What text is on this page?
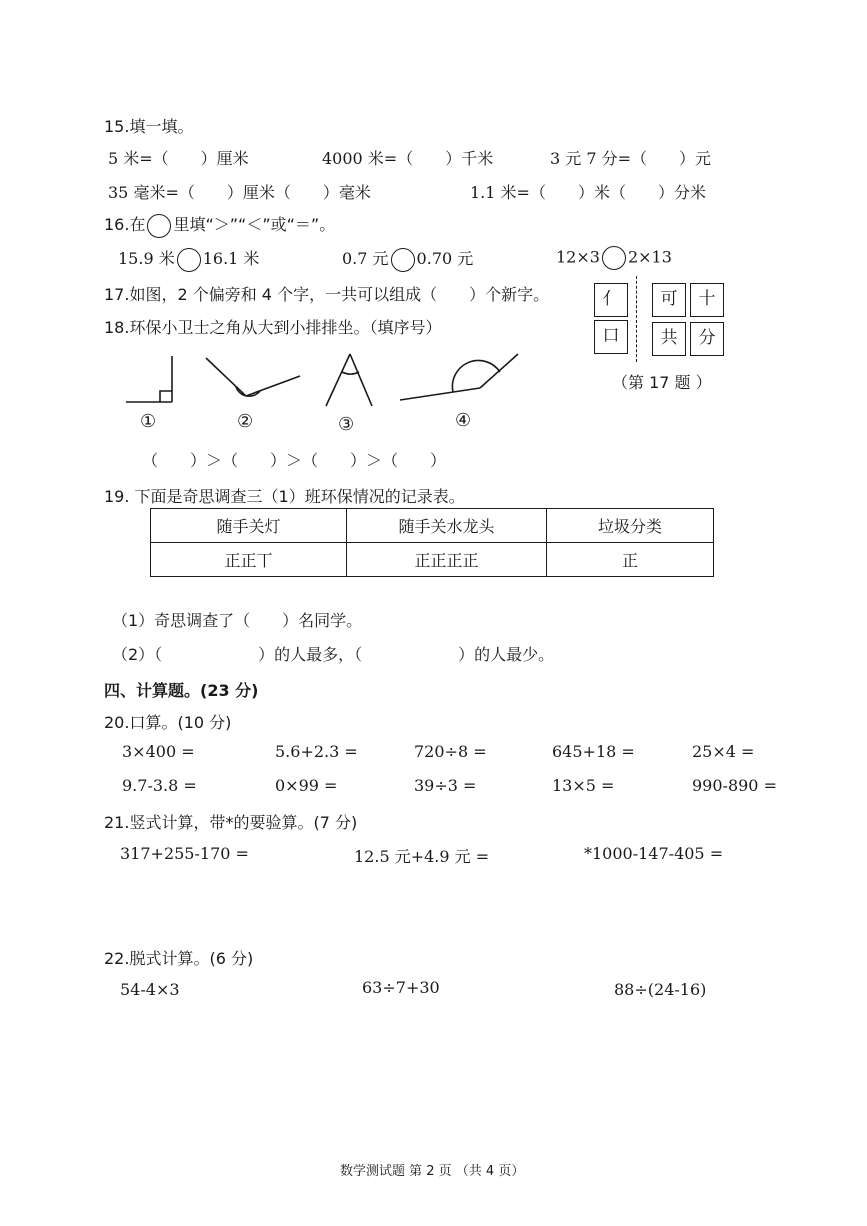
15.填一填。
5 米=（　　）厘米	4000 米=（　　）千米	3 元 7 分=（　　）元
35 毫米=（　　）厘米（　　）毫米	1.1 米=（　　）米（　　）分米
16.在 里填“＞”“＜”或“＝”。
15.9 米 16.1 米	0.7 元 0.70 元	12×3 2×13
17.如图，2 个偏旁和 4 个字，一共可以组成（　　）个新字。	亻
口
可	十
共	分
（第 17 题 ）
18.环保小卫士之角从大到小排排坐。（填序号）
①	②	③	④
（　　）＞（　　）＞（　　）＞（　　）
19. 下面是奇思调查三（1）班环保情况的记录表。
随手关灯	随手关水龙头	垃圾分类
正正丅	正正正正	正
（1）奇思调查了（　　）名同学。
（2）（　　　　　　）的人最多，（　　　　　　）的人最少。
四、计算题。(23 分)
20.口算。(10 分)
3×400 =	5.6+2.3 =	720÷8 =	645+18 =	25×4 =
9.7-3.8 =	0×99 =	39÷3 =	13×5 =	990-890 =
21.竖式计算，带*的要验算。(7 分)
317+255-170 =	12.5 元+4.9 元 =	*1000-147-405 =
22.脱式计算。(6 分)
54-4×3	63÷7+30	88÷(24-16)
数学测试题 第 2 页 （共 4 页）
